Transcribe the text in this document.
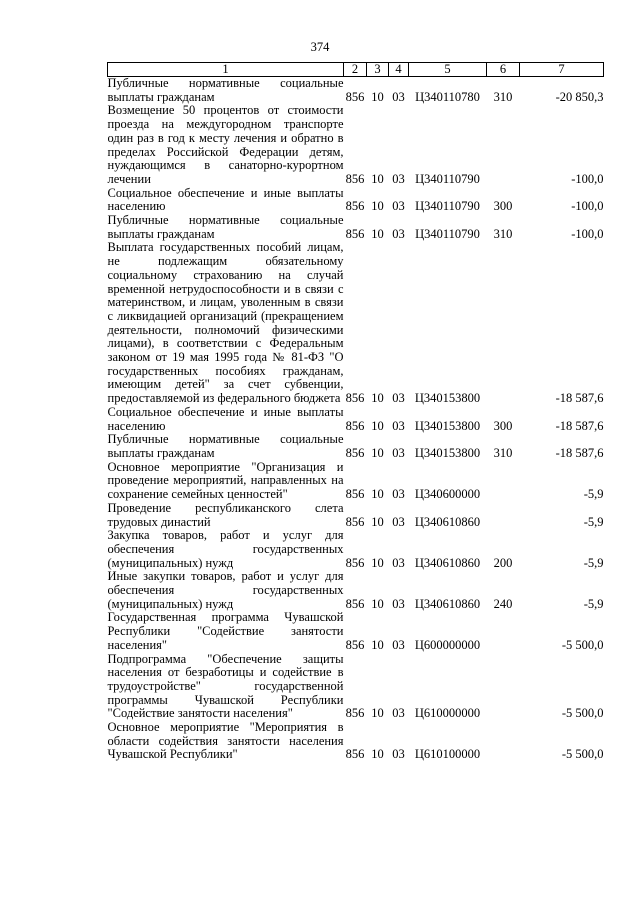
374
1	2	3	4	5	6	7
Публичные нормативные социальные выплаты гражданам	856	10	03	Ц340110780	310	-20 850,3
Возмещение 50 процентов от стоимости проезда на междугородном транспорте один раз в год к месту лечения и обратно в пределах Российской Федерации детям, нуждающимся в санаторно-курортном лечении	856	10	03	Ц340110790		-100,0
Социальное обеспечение и иные выплаты населению	856	10	03	Ц340110790	300	-100,0
Публичные нормативные социальные выплаты гражданам	856	10	03	Ц340110790	310	-100,0
Выплата государственных пособий лицам, не подлежащим обязательному социальному страхованию на случай временной нетрудоспособности и в связи с материнством, и лицам, уволенным в связи с ликвидацией организаций (прекращением деятельности, полномочий физическими лицами), в соответствии с Федеральным законом от 19 мая 1995 года № 81-ФЗ "О государственных пособиях гражданам, имеющим детей" за счет субвенции, предоставляемой из федерального бюджета	856	10	03	Ц340153800		-18 587,6
Социальное обеспечение и иные выплаты населению	856	10	03	Ц340153800	300	-18 587,6
Публичные нормативные социальные выплаты гражданам	856	10	03	Ц340153800	310	-18 587,6
Основное мероприятие "Организация и проведение мероприятий, направленных на сохранение семейных ценностей"	856	10	03	Ц340600000		-5,9
Проведение республиканского слета трудовых династий	856	10	03	Ц340610860		-5,9
Закупка товаров, работ и услуг для обеспечения государственных (муниципальных) нужд	856	10	03	Ц340610860	200	-5,9
Иные закупки товаров, работ и услуг для обеспечения государственных (муниципальных) нужд	856	10	03	Ц340610860	240	-5,9
Государственная программа Чувашской Республики "Содействие занятости населения"	856	10	03	Ц600000000		-5 500,0
Подпрограмма "Обеспечение защиты населения от безработицы и содействие в трудоустройстве" государственной программы Чувашской Республики "Содействие занятости населения"	856	10	03	Ц610000000		-5 500,0
Основное мероприятие "Мероприятия в области содействия занятости населения Чувашской Республики"	856	10	03	Ц610100000		-5 500,0
